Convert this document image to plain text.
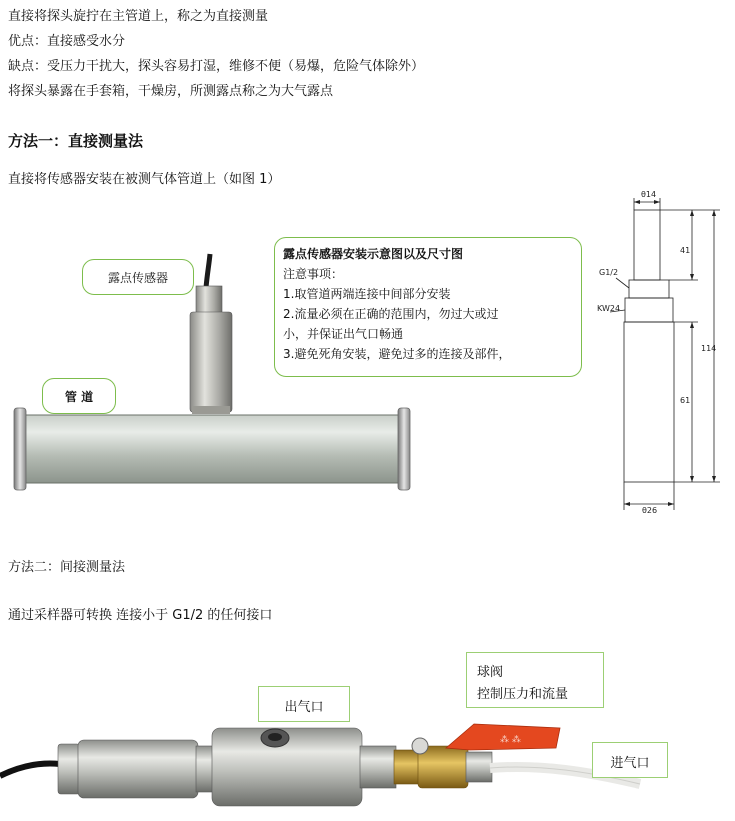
直接将探头旋拧在主管道上，称之为直接测量
优点：直接感受水分
缺点：受压力干扰大，探头容易打湿，维修不便（易爆，危险气体除外）
将探头暴露在手套箱，干燥房，所测露点称之为大气露点
方法一：直接测量法
直接将传感器安装在被测气体管道上（如图 1）
露点传感器
管 道
露点传感器安装示意图以及尺寸图
注意事项：
1.取管道两端连接中间部分安装
2.流量必须在正确的范围内，勿过大或过
小，并保证出气口畅通
3.避免死角安装，避免过多的连接及部件，
θ14
G1/2
KW24
41
114
61
θ26
方法二：间接测量法
通过采样器可转换 连接小于 G1/2 的任何接口
⁂ ⁂
出气口
球阀
控制压力和流量
进气口
